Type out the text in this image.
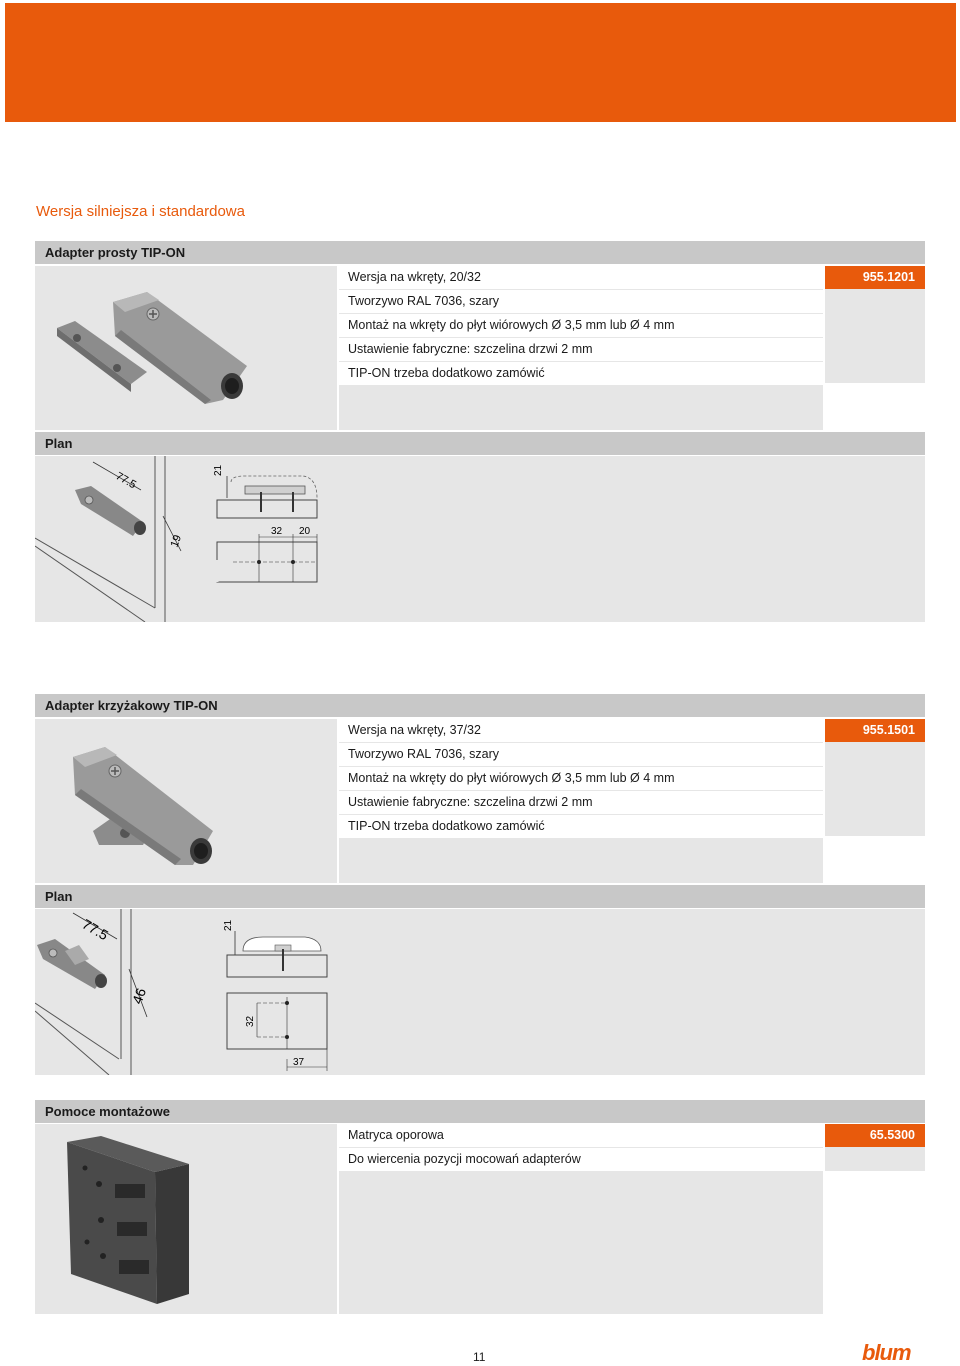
Wersja silniejsza i standardowa
Adapter prosty TIP-ON
Wersja na wkręty, 20/32
Tworzywo RAL 7036, szary
Montaż na wkręty do płyt wiórowych Ø 3,5 mm lub Ø 4 mm
Ustawienie fabryczne: szczelina drzwi 2 mm
TIP-ON trzeba dodatkowo zamówić
955.1201
Plan
77.5
19
21
32 20
Adapter krzyżakowy TIP-ON
Wersja na wkręty, 37/32
Tworzywo RAL 7036, szary
Montaż na wkręty do płyt wiórowych Ø 3,5 mm lub Ø 4 mm
Ustawienie fabryczne: szczelina drzwi 2 mm
TIP-ON trzeba dodatkowo zamówić
955.1501
Plan
77.5
46
21
32
37
Pomoce montażowe
Matryca oporowa
Do wiercenia pozycji mocowań adapterów
65.5300
11	blum
